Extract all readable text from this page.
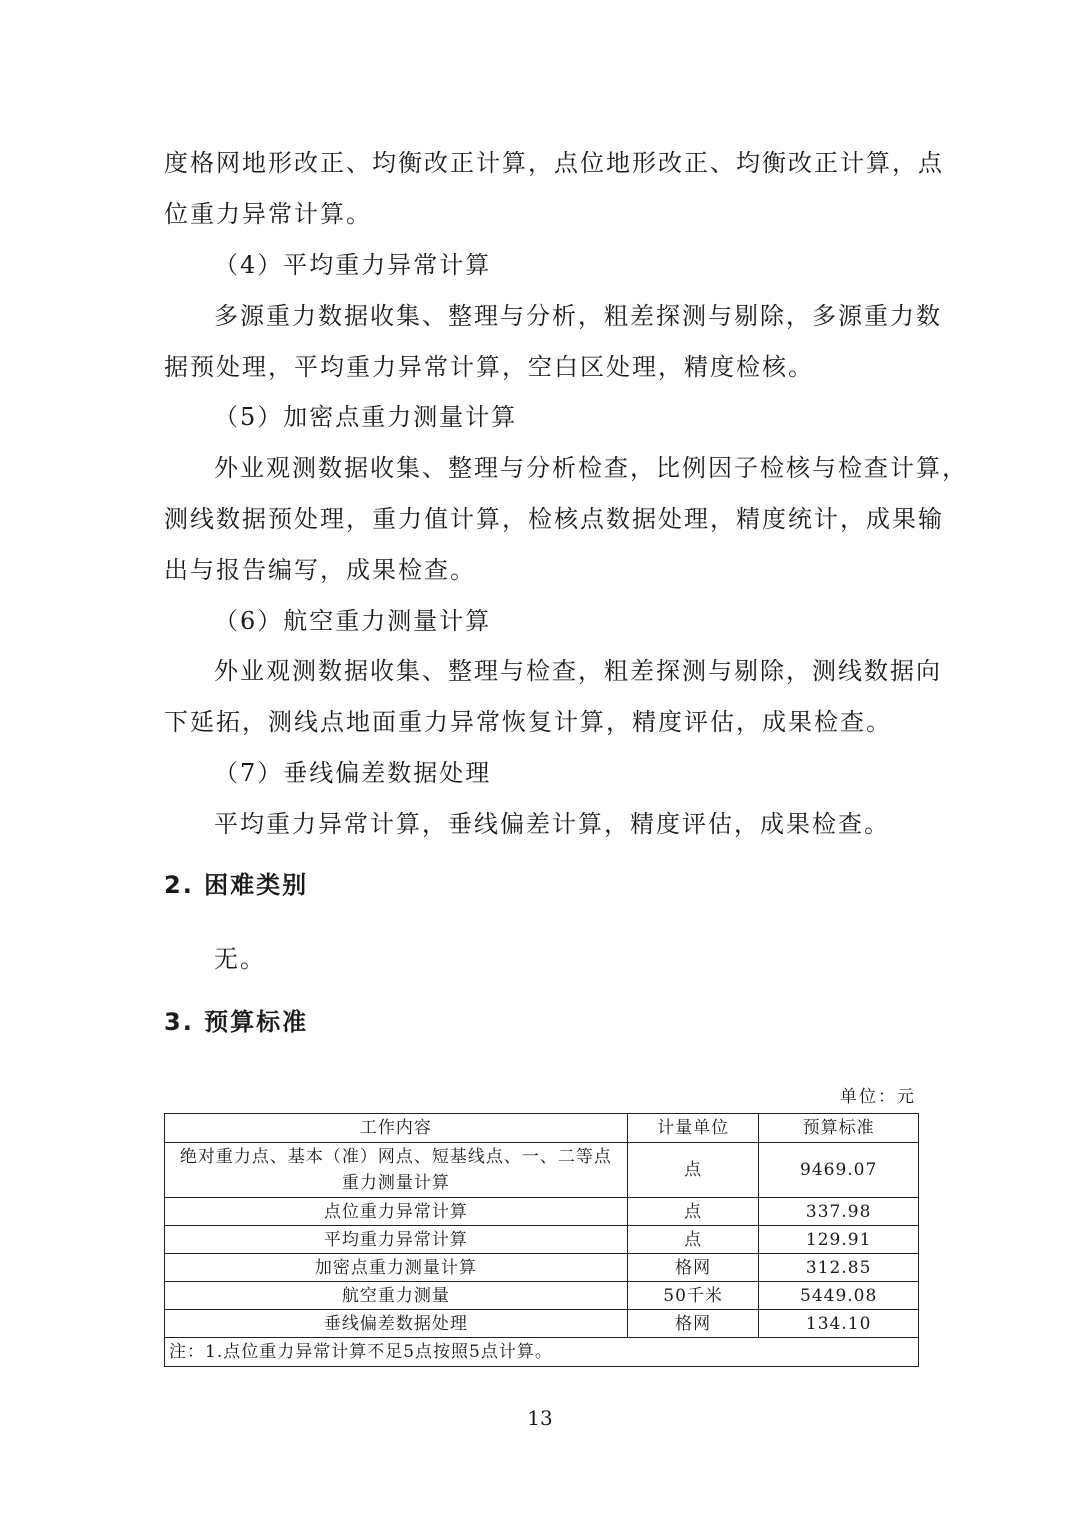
度格网地形改正、均衡改正计算，点位地形改正、均衡改正计算，点
位重力异常计算。
（4）平均重力异常计算
多源重力数据收集、整理与分析，粗差探测与剔除，多源重力数
据预处理，平均重力异常计算，空白区处理，精度检核。
（5）加密点重力测量计算
外业观测数据收集、整理与分析检查，比例因子检核与检查计算，
测线数据预处理，重力值计算，检核点数据处理，精度统计，成果输
出与报告编写，成果检查。
（6）航空重力测量计算
外业观测数据收集、整理与检查，粗差探测与剔除，测线数据向
下延拓，测线点地面重力异常恢复计算，精度评估，成果检查。
（7）垂线偏差数据处理
平均重力异常计算，垂线偏差计算，精度评估，成果检查。
2. 困难类别
无。
3. 预算标准
单位：元
工作内容	计量单位	预算标准

绝对重力点、基本（准）网点、短基线点、一、二等点
重力测量计算	点	9469.07
点位重力异常计算	点	337.98
平均重力异常计算	点	129.91
加密点重力测量计算	格网	312.85
航空重力测量	50千米	5449.08
垂线偏差数据处理	格网	134.10
注：1.点位重力异常计算不足5点按照5点计算。		
13
